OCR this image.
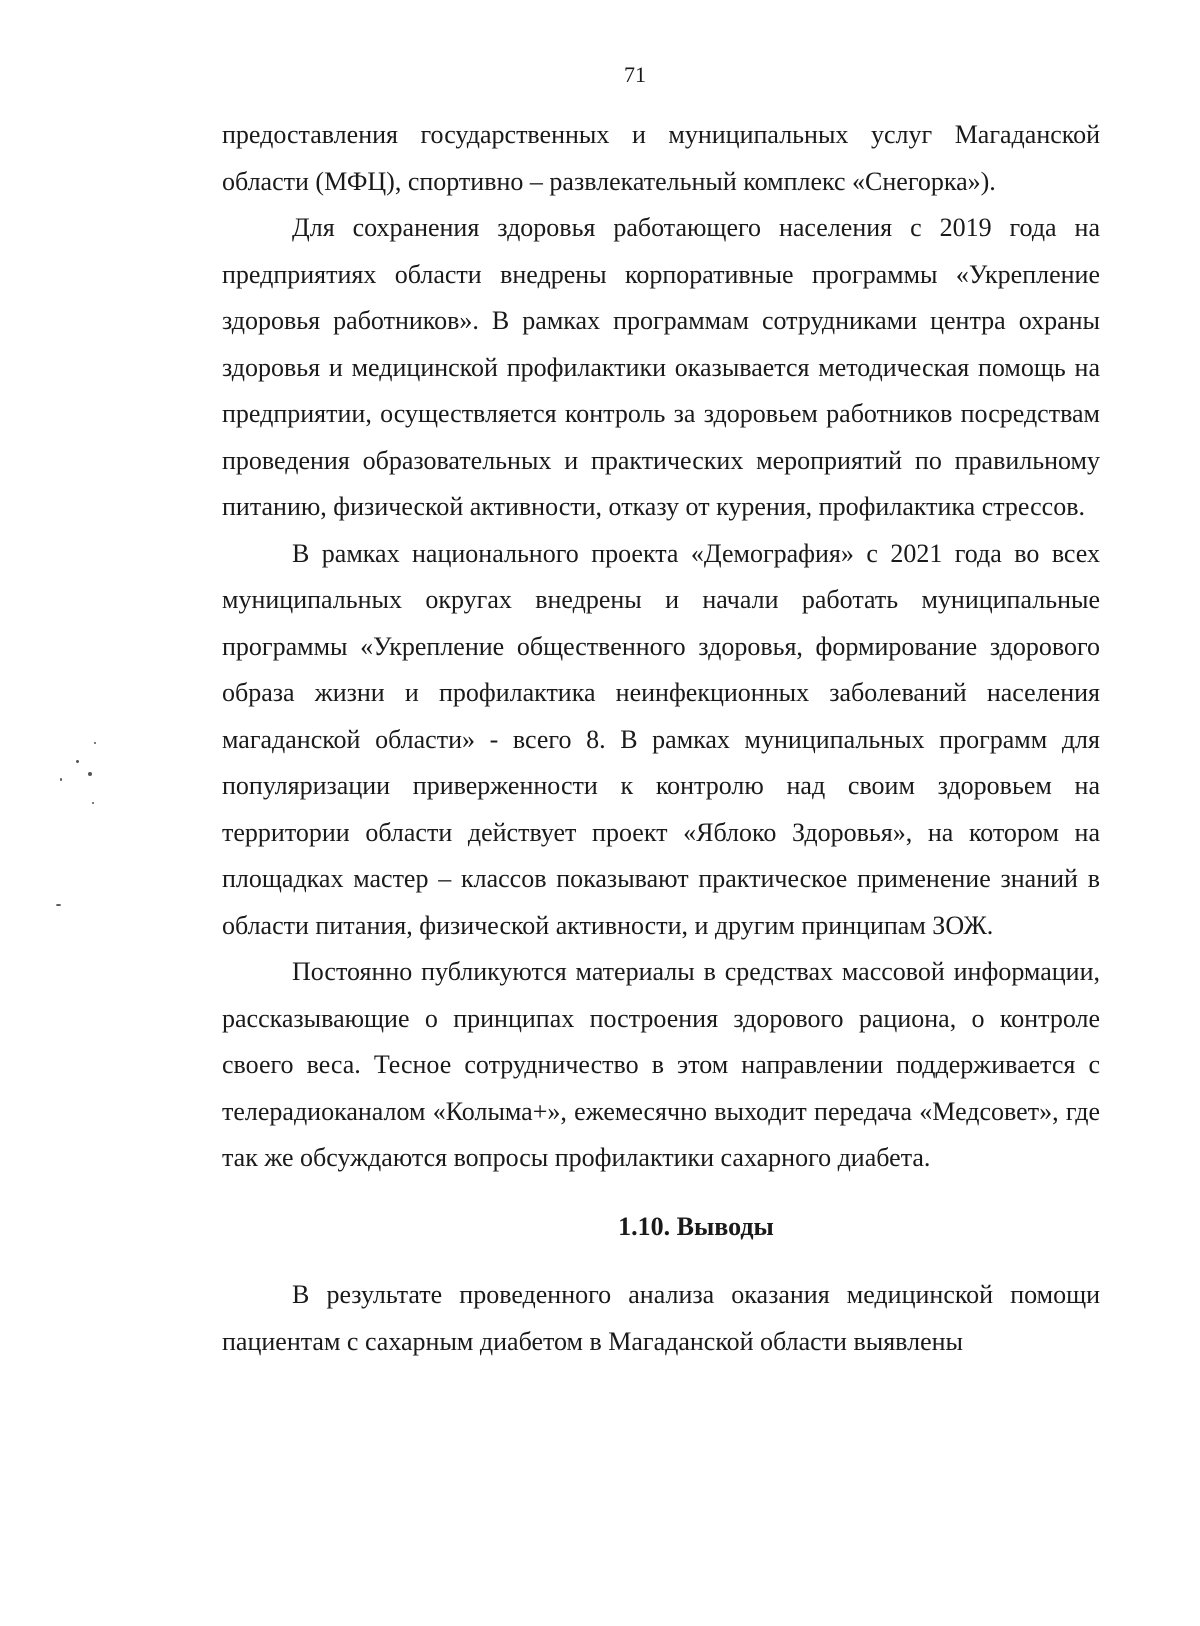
71

предоставления государственных и муниципальных услуг Магаданской области (МФЦ), спортивно – развлекательный комплекс «Снегорка»).

Для сохранения здоровья работающего населения с 2019 года на предприятиях области внедрены корпоративные программы «Укрепление здоровья работников». В рамках программам сотрудниками центра охраны здоровья и медицинской профилактики оказывается методическая помощь на предприятии, осуществляется контроль за здоровьем работников посредствам проведения образовательных и практических мероприятий по правильному питанию, физической активности, отказу от курения, профилактика стрессов.

В рамках национального проекта «Демография» с 2021 года во всех муниципальных округах внедрены и начали работать муниципальные программы «Укрепление общественного здоровья, формирование здорового образа жизни и профилактика неинфекционных заболеваний населения магаданской области» - всего 8. В рамках муниципальных программ для популяризации приверженности к контролю над своим здоровьем на территории области действует проект «Яблоко Здоровья», на котором на площадках мастер – классов показывают практическое применение знаний в области питания, физической активности, и другим принципам ЗОЖ.

Постоянно публикуются материалы в средствах массовой информации, рассказывающие о принципах построения здорового рациона, о контроле своего веса. Тесное сотрудничество в этом направлении поддерживается с телерадиоканалом «Колыма+», ежемесячно выходит передача «Медсовет», где так же обсуждаются вопросы профилактики сахарного диабета.

1.10. Выводы

В результате проведенного анализа оказания медицинской помощи пациентам с сахарным диабетом в Магаданской области выявлены
